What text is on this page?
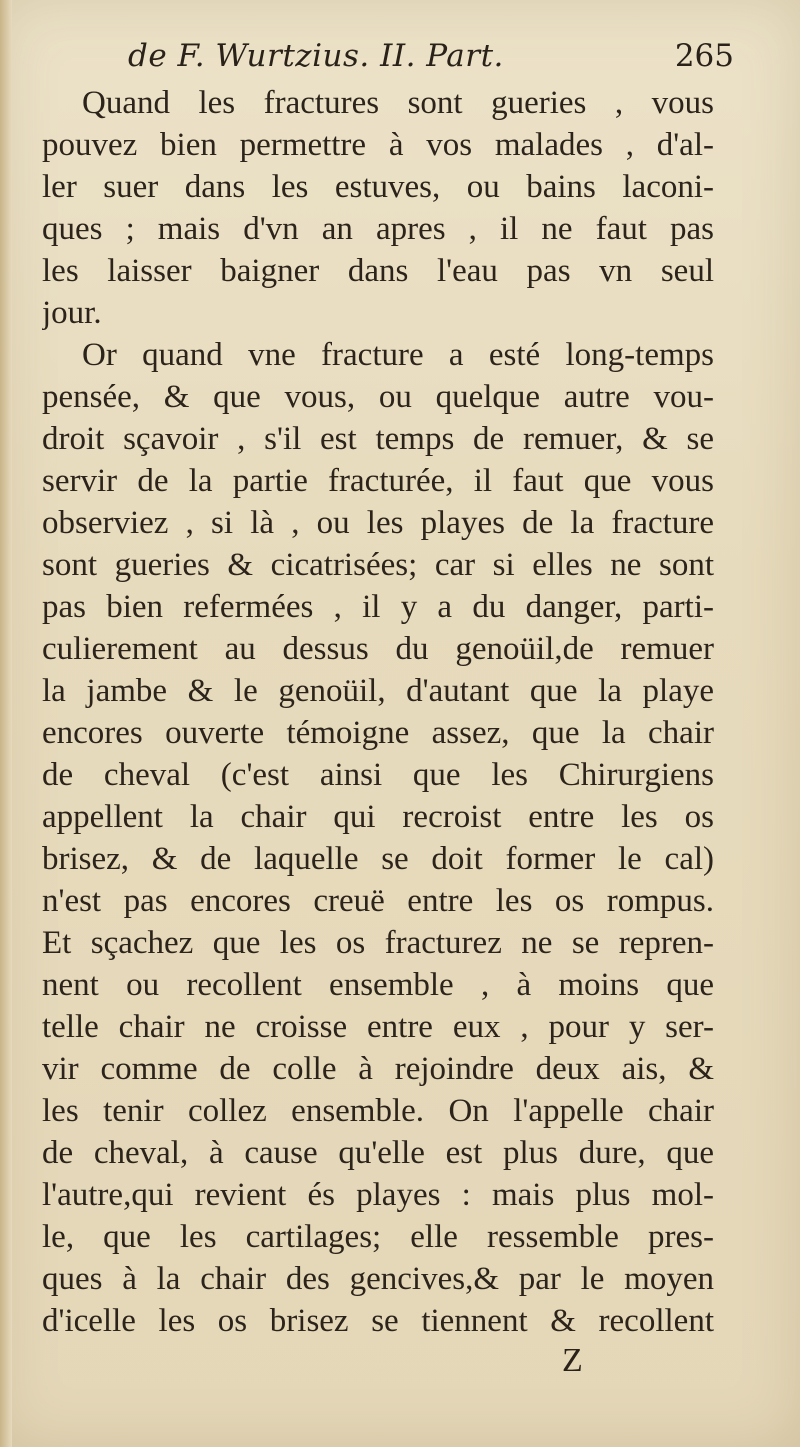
de F. Wurtzius. II. Part.	265
Quand les fractures sont gueries , vous
pouvez bien permettre à vos malades , d'al-
ler suer dans les estuves, ou bains laconi-
ques ; mais d'vn an apres , il ne faut pas
les laisser baigner dans l'eau pas vn seul
jour.
Or quand vne fracture a esté long-temps
pensée, & que vous, ou quelque autre vou-
droit sçavoir , s'il est temps de remuer, & se
servir de la partie fracturée, il faut que vous
observiez , si là , ou les playes de la fracture
sont gueries & cicatrisées; car si elles ne sont
pas bien refermées , il y a du danger, parti-
culierement au dessus du genoüil,de remuer
la jambe & le genoüil, d'autant que la playe
encores ouverte témoigne assez, que la chair
de cheval (c'est ainsi que les Chirurgiens
appellent la chair qui recroist entre les os
brisez, & de laquelle se doit former le cal)
n'est pas encores creuë entre les os rompus.
Et sçachez que les os fracturez ne se repren-
nent ou recollent ensemble , à moins que
telle chair ne croisse entre eux , pour y ser-
vir comme de colle à rejoindre deux ais, &
les tenir collez ensemble. On l'appelle chair
de cheval, à cause qu'elle est plus dure, que
l'autre,qui revient és playes : mais plus mol-
le, que les cartilages; elle ressemble pres-
ques à la chair des gencives,& par le moyen
d'icelle les os brisez se tiennent & recollent
Z
